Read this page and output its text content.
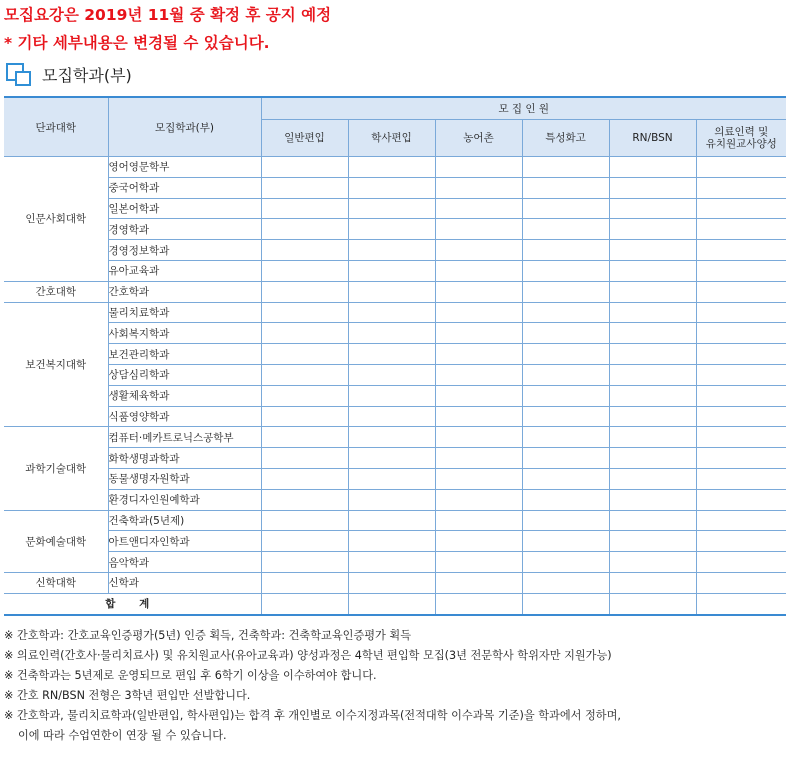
모집요강은 2019년 11월 중 확정 후 공지 예정
* 기타 세부내용은 변경될 수 있습니다.
모집학과(부)
단과대학	모집학과(부)	모 집 인 원					
		일반편입	학사편입	농어촌	특성화고	RN/BSN	의료인력 및
유치원교사양성
인문사회대학	영어영문학부						
	중국어학과						
	일본어학과						
	경영학과						
	경영정보학과						
	유아교육과						
간호대학	간호학과						
보건복지대학	물리치료학과						
	사회복지학과						
	보건관리학과						
	상담심리학과						
	생활체육학과						
	식품영양학과						
과학기술대학	컴퓨터·메카트로닉스공학부						
	화학생명과학과						
	동물생명자원학과						
	환경디자인원예학과						
문화예술대학	건축학과(5년제)						
	아트앤디자인학과						
	음악학과						
신학대학	신학과						
합 계							

※ 간호학과: 간호교육인증평가(5년) 인증 획득, 건축학과: 건축학교육인증평가 획득

※ 의료인력(간호사·물리치료사) 및 유치원교사(유아교육과) 양성과정은 4학년 편입학 모집(3년 전문학사 학위자만 지원가능)

※ 건축학과는 5년제로 운영되므로 편입 후 6학기 이상을 이수하여야 합니다.

※ 간호 RN/BSN 전형은 3학년 편입만 선발합니다.

※ 간호학과, 물리치료학과(일반편입, 학사편입)는 합격 후 개인별로 이수지정과목(전적대학 이수과목 기준)을 학과에서 정하며,

이에 따라 수업연한이 연장 될 수 있습니다.
